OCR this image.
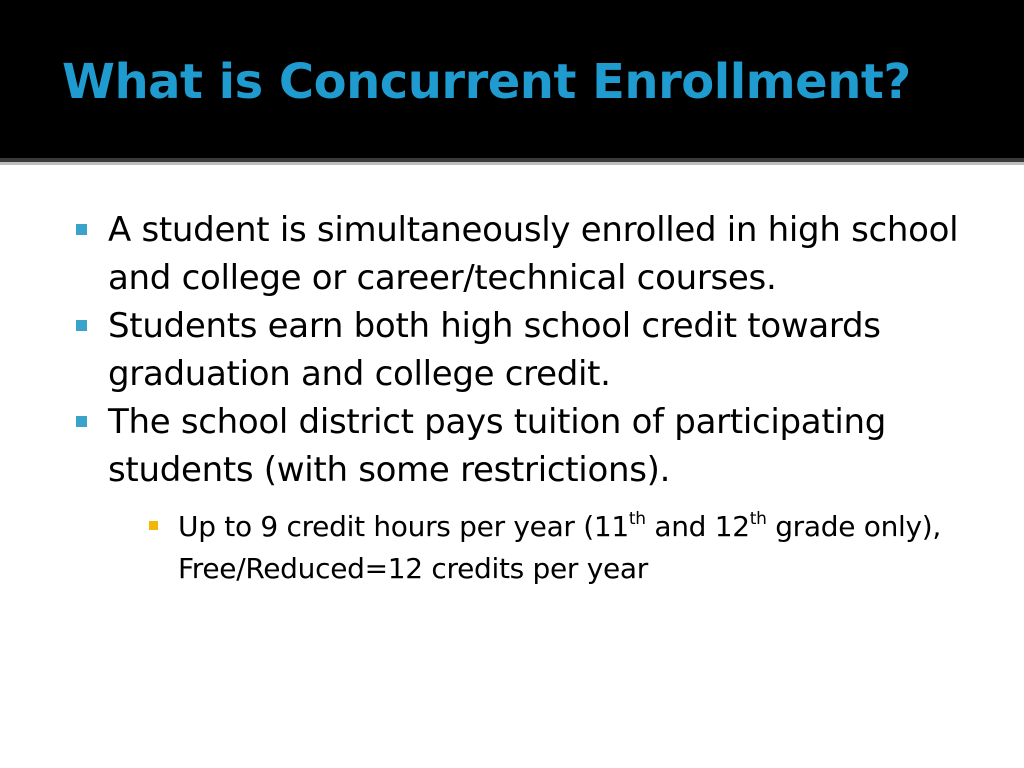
What is Concurrent Enrollment?
A student is simultaneously enrolled in high school and college or career/technical courses.
Students earn both high school credit towards graduation and college credit.
The school district pays tuition of participating students (with some restrictions).
Up to 9 credit hours per year (11th and 12th grade only), Free/Reduced=12 credits per year
